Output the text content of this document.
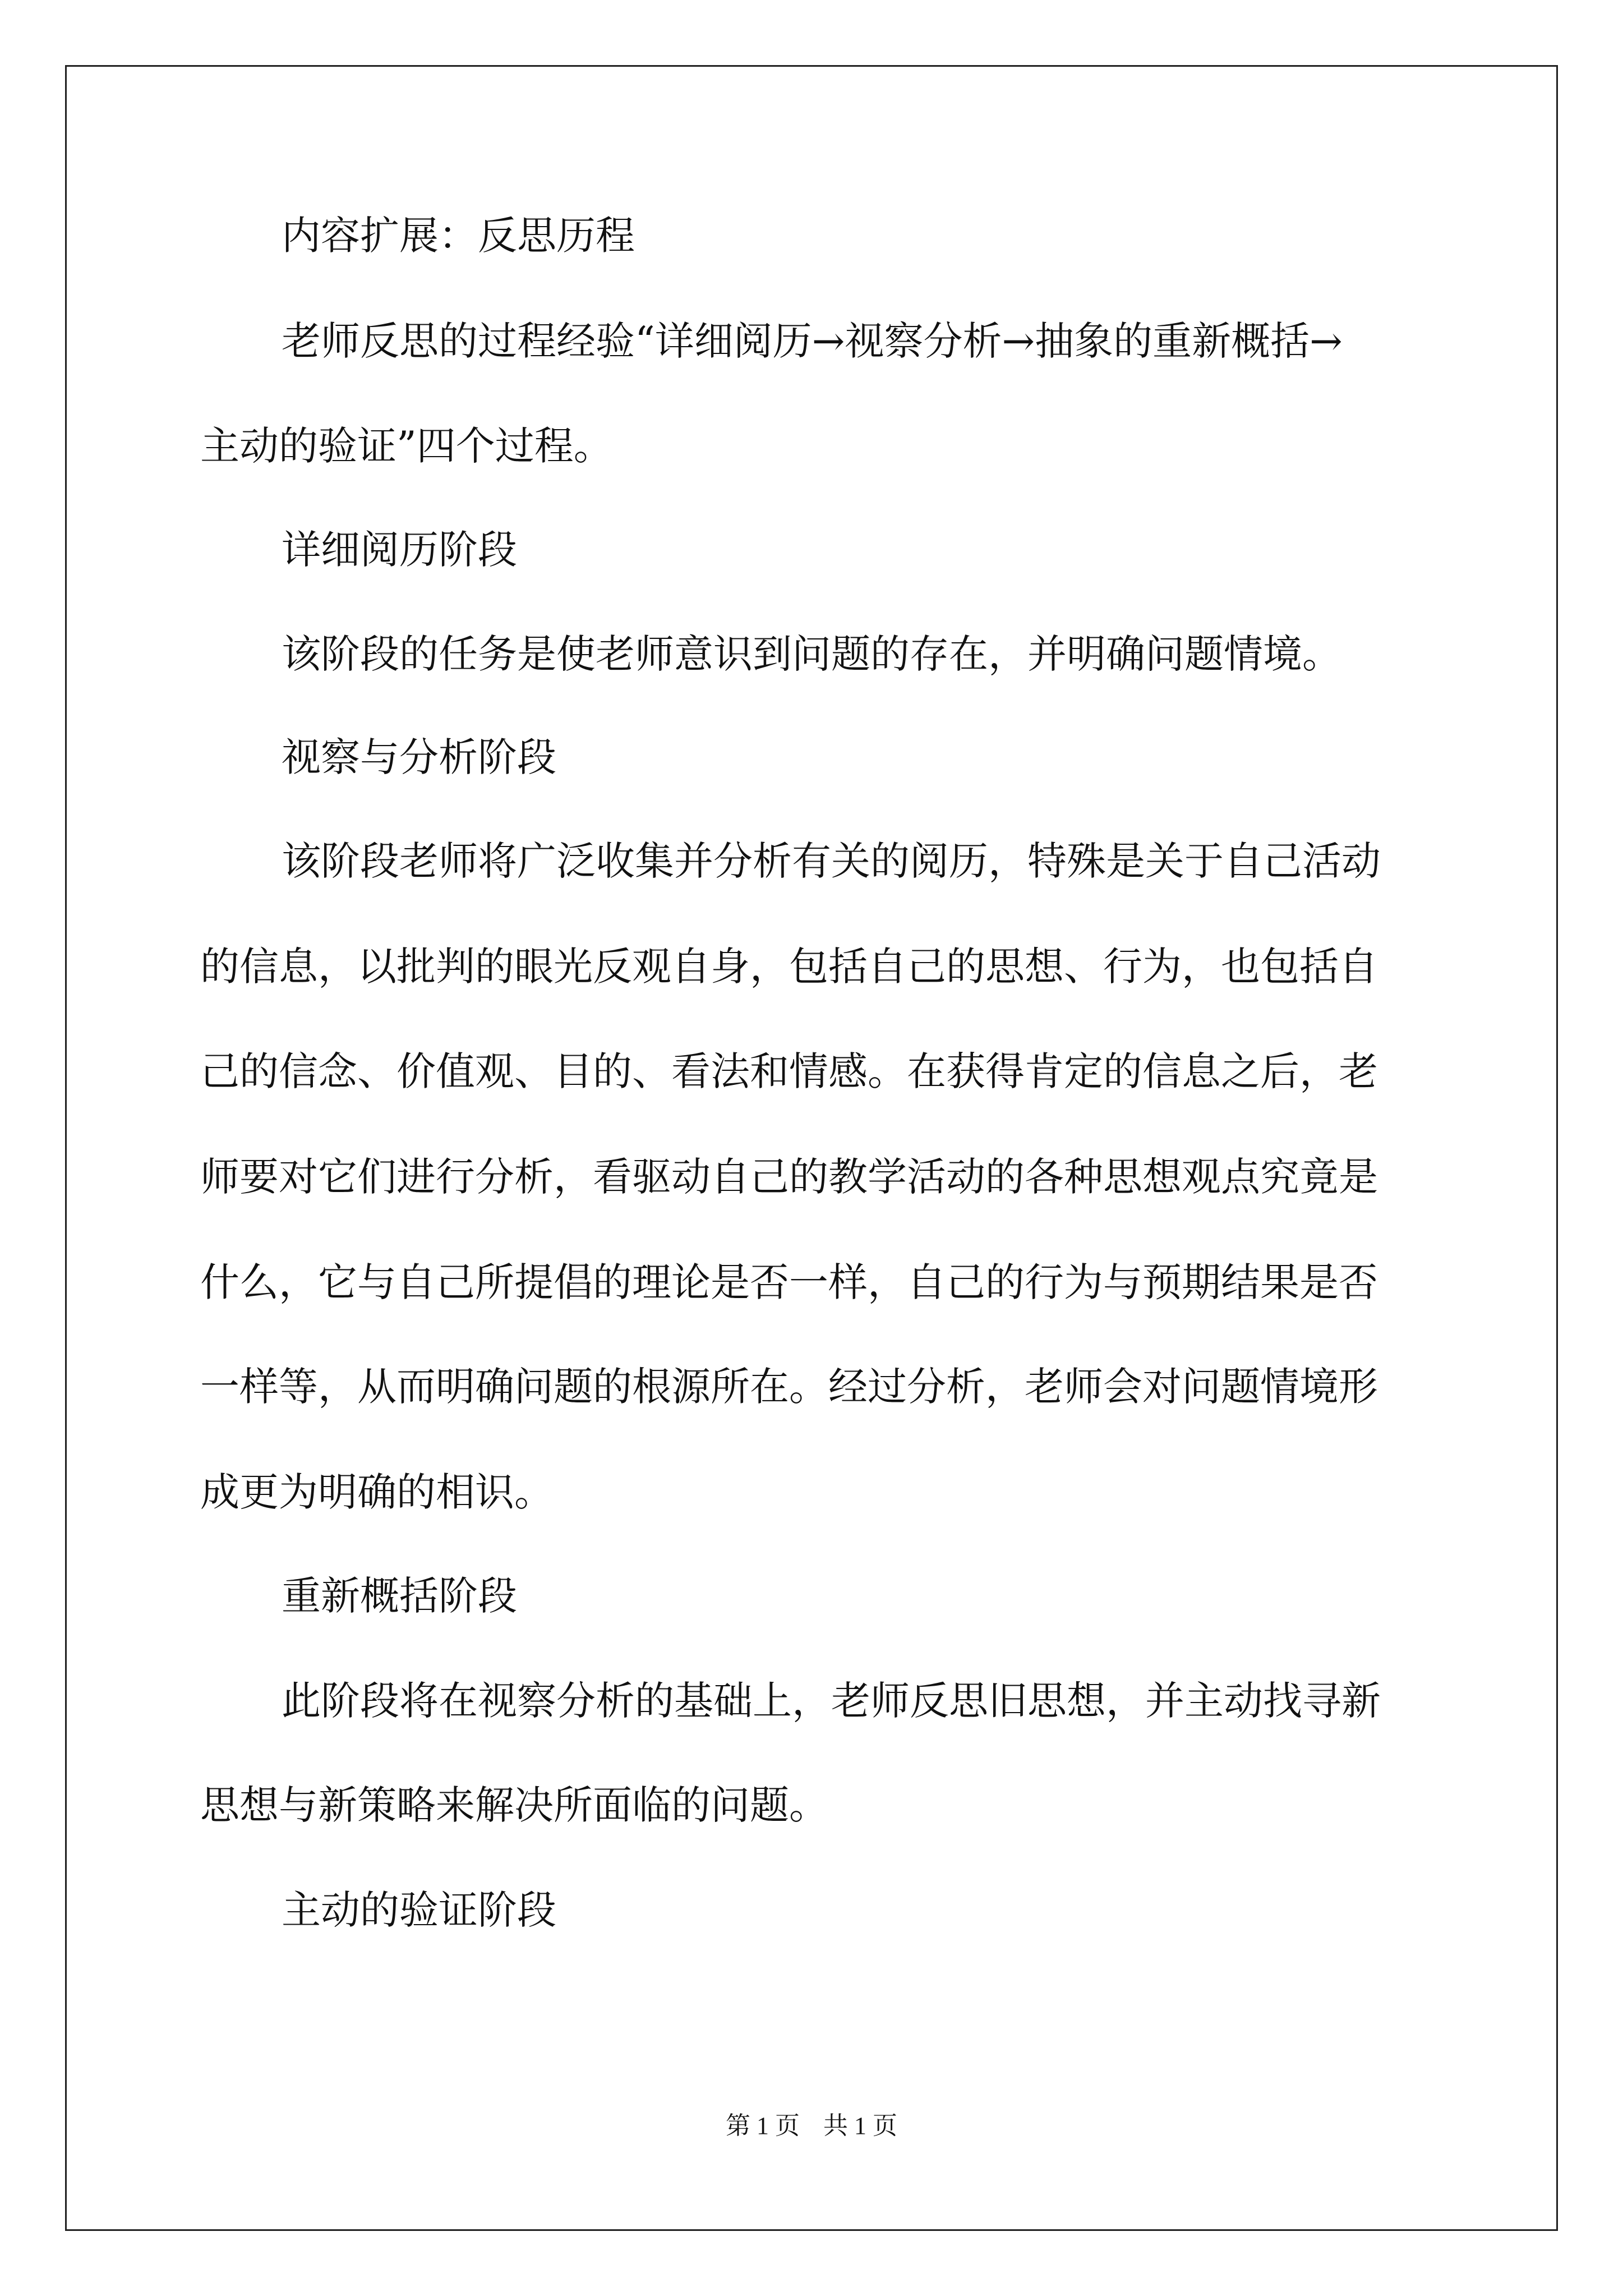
内容扩展：反思历程
老师反思的过程经验“详细阅历→视察分析→抽象的重新概括→
主动的验证”四个过程。
详细阅历阶段
该阶段的任务是使老师意识到问题的存在，并明确问题情境。
视察与分析阶段
该阶段老师将广泛收集并分析有关的阅历，特殊是关于自己活动
的信息，以批判的眼光反观自身，包括自己的思想、行为，也包括自
己的信念、价值观、目的、看法和情感。在获得肯定的信息之后，老
师要对它们进行分析，看驱动自己的教学活动的各种思想观点究竟是
什么，它与自己所提倡的理论是否一样，自己的行为与预期结果是否
一样等，从而明确问题的根源所在。经过分析，老师会对问题情境形
成更为明确的相识。
重新概括阶段
此阶段将在视察分析的基础上，老师反思旧思想，并主动找寻新
思想与新策略来解决所面临的问题。
主动的验证阶段
第 1 页 共 1 页
